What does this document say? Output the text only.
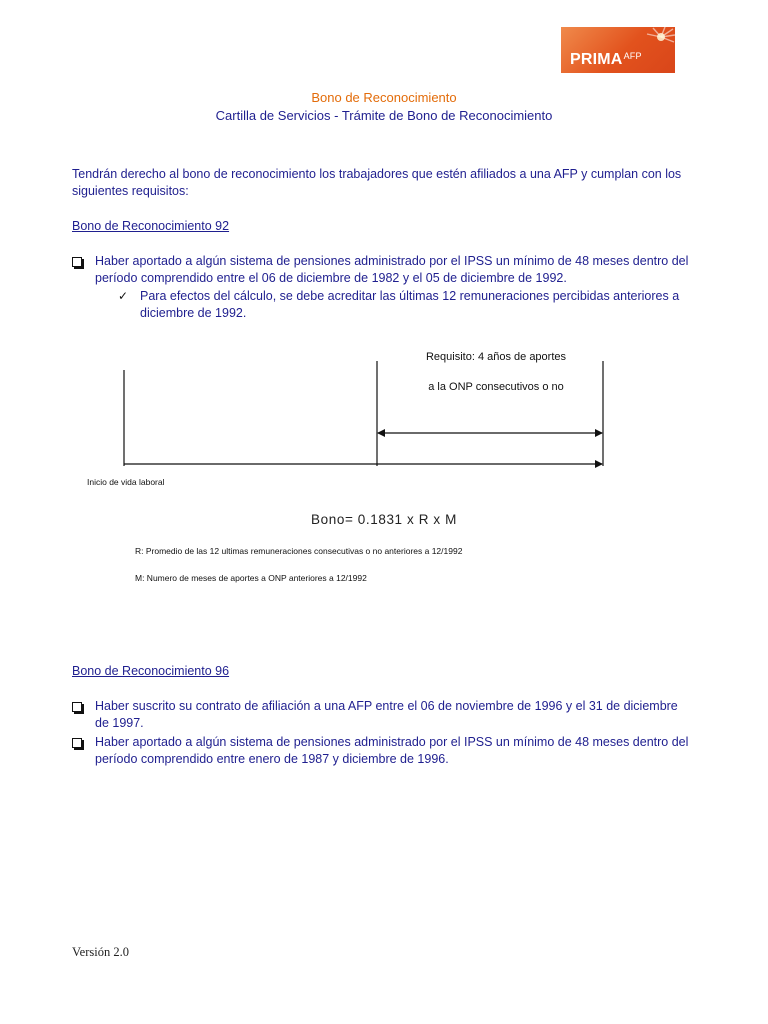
$PRIMA^{AFP}$
Bono de Reconocimiento
Cartilla de Servicios - Trámite de Bono de Reconocimiento
Tendrán derecho al bono de reconocimiento los trabajadores que estén afiliados a una AFP y cumplan con los siguientes requisitos:
Bono de Reconocimiento 92
Haber aportado a algún sistema de pensiones administrado por el IPSS un mínimo de 48 meses dentro del período comprendido entre el 06 de diciembre de 1982 y el 05 de diciembre de 1992.
✓ Para efectos del cálculo, se debe acreditar las últimas 12 remuneraciones percibidas anteriores a diciembre de 1992.
Requisito: 4 años de aportes
a la ONP consecutivos o no
Inicio de vida laboral
Bono= 0.1831 x R x M
R: Promedio de las 12 ultimas remuneraciones consecutivas o no anteriores a 12/1992
M: Numero de meses de aportes a ONP anteriores a 12/1992
Bono de Reconocimiento 96
Haber suscrito su contrato de afiliación a una AFP entre el 06 de noviembre de 1996 y el 31 de diciembre de 1997.
Haber aportado a algún sistema de pensiones administrado por el IPSS un mínimo de 48 meses dentro del período comprendido entre enero de 1987 y diciembre de 1996.
Versión 2.0
